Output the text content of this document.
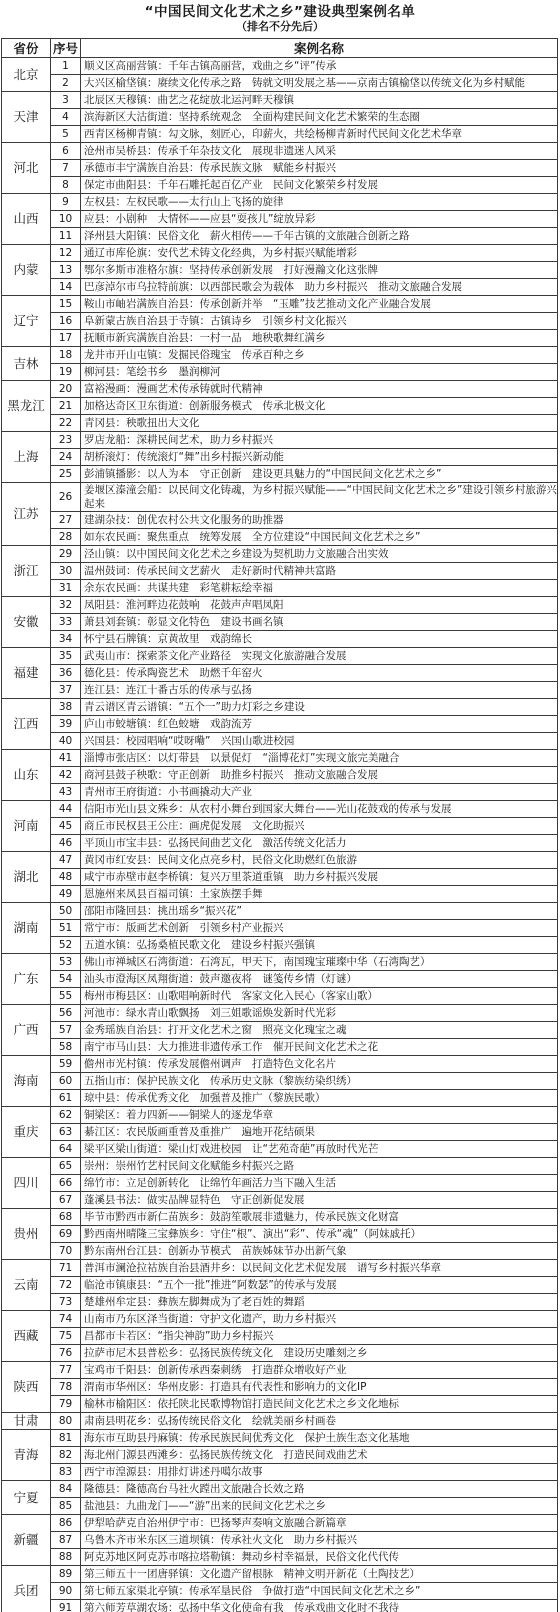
“中国民间文化艺术之乡”建设典型案例名单
（排名不分先后）
省份	序号	案例名称
北京	1	顺义区高丽营镇：千年古镇高丽营，戏曲之乡“评”传承
	2	大兴区榆垡镇：赓续文化传承之路　铸就文明发展之基——京南古镇榆垡以传统文化为乡村赋能
天津	3	北辰区天穆镇：曲艺之花绽放北运河畔天穆镇
	4	滨海新区大沽街道：坚持系统观念　全面构建民间文化艺术繁荣的生态圈
	5	西青区杨柳青镇：勾文脉，刻匠心，印薪火，共绘杨柳青新时代民间文化艺术华章
河北	6	沧州市吴桥县：传承千年杂技文化　展现非遗迷人风采
	7	承德市丰宁满族自治县：传承民族文脉　赋能乡村振兴
	8	保定市曲阳县：千年石雕托起百亿产业　民间文化繁荣乡村发展
山西	9	左权县：左权民歌——太行山上飞扬的旋律
	10	应县：小剧种　大情怀——应县“耍孩儿”绽放异彩
	11	泽州县大阳镇：民俗文化　薪火相传——千年古镇的文旅融合创新之路
内蒙	12	通辽市库伦旗：安代艺术铸文化经典，为乡村振兴赋能增彩
	13	鄂尔多斯市准格尔旗：坚持传承创新发展　打好漫瀚文化这张牌
	14	巴彦淖尔市乌拉特前旗：以西部民歌会为载体　助力乡村振兴　推动文旅融合发展
辽宁	15	鞍山市岫岩满族自治县：传承创新并举　“玉雕”技艺推动文化产业融合发展
	16	阜新蒙古族自治县于寺镇：古镇诗乡　引领乡村文化振兴
	17	抚顺市新宾满族自治县：一村一品　地秧歌舞红满乡
吉林	18	龙井市开山屯镇：发掘民俗瑰宝　传承百种之乡
	19	柳河县：笔绘书乡　墨润柳河
黑龙江	20	富裕漫画：漫画艺术传承铸就时代精神
	21	加格达奇区卫东街道：创新服务模式　传承北极文化
	22	青冈县：秧歌扭出大文化
上海	23	罗店龙船：深耕民间艺术，助力乡村振兴
	24	胡桥滚灯：传统滚灯“舞”出乡村振兴新动能
	25	彭浦镇播影：以人为本　守正创新　建设更具魅力的“中国民间文化艺术之乡”
江苏	26	姜堰区溱潼会船：以民间文化铸魂，为乡村振兴赋能——“中国民间文化艺术之乡”建设引领乡村旅游兴起来
	27	建湖杂技：创优农村公共文化服务的助推器
	28	如东农民画：聚焦重点　统筹发展　全方位建设“中国民间文化艺术之乡”
浙江	29	泾山镇：以中国民间文化艺术之乡建设为契机助力文旅融合出实效
	30	温州鼓词：传承民间文艺薪火　走好新时代精神共富路
	31	余东农民画：共谋共建　彩笔耕耘绘幸福
安徽	32	凤阳县：淮河畔边花鼓响　花鼓声声唱凤阳
	33	萧县刘套镇：彰显文化特色　建设书画名镇
	34	怀宁县石牌镇：京黄故里　戏韵绵长
福建	35	武夷山市：探索茶文化产业路径　实现文化旅游融合发展
	36	德化县：传承陶瓷艺术　助燃千年窑火
	37	连江县：连江十番古乐的传承与弘扬
江西	38	青云谱区青云谱镇：“五个一”助力灯彩之乡建设
	39	庐山市蛟塘镇：红色蛟塘　戏韵流芳
	40	兴国县：校园唱响“哎呀嘞”　兴国山歌进校园
山东	41	淄博市张店区：以灯带县　以景促灯　“淄博花灯”实现文旅完美融合
	42	商河县鼓子秧歌：守正创新　助推乡村振兴　推动文旅融合发展
	43	青州市王府街道：小书画撬动大产业
河南	44	信阳市光山县文殊乡：从农村小舞台到国家大舞台——光山花鼓戏的传承与发展
	45	商丘市民权县王公庄：画虎促发展　文化助振兴
	46	平顶山市宝丰县：弘扬民间曲艺文化　激活传统文化活力
湖北	47	黄冈市红安县：民间文化点亮乡村，民俗文化助燃红色旅游
	48	咸宁市赤壁市赵李桥镇：复兴万里茶道重镇　助力乡村振兴发展
	49	恩施州来凤县百福司镇：土家族摆手舞
湖南	50	邵阳市隆回县：挑出瑶乡“振兴花”
	51	常宁市：版画艺术创新　引领乡村产业振兴
	52	五道水镇：弘扬桑植民歌文化　建设乡村振兴强镇
广东	53	佛山市禅城区石湾街道：石湾瓦，甲天下，南国瑰宝璀璨中华（石湾陶艺）
	54	汕头市澄海区凤翔街道：鼓声邀夜将　谜笺传乡情（灯谜）
	55	梅州市梅县区：山歌唱响新时代　客家文化入民心（客家山歌）
广西	56	河池市：绿水青山歌飘扬　刘三姐歌谣焕发新时代光彩
	57	金秀瑶族自治县：打开文化艺术之窗　照亮文化瑰宝之魂
	58	南宁市马山县：大力推进非遗传承工作　催开民间文化艺术之花
海南	59	儋州市光村镇：传承发展儋州调声　打造特色文化名片
	60	五指山市：保护民族文化　传承历史文脉（黎族纺染织绣）
	61	琼中县：传承优秀文化　加强普及推广（黎族民歌）
重庆	62	铜梁区：着力四新——铜梁人的逐龙华章
	63	綦江区：农民版画重普及重推广　遍地开花结硕果
	64	梁平区梁山街道：梁山灯戏进校园　让“艺苑奇葩”再放时代光芒
四川	65	崇州：崇州竹艺村民间文化赋能乡村振兴之路
	66	绵竹市：立足创新转化　让绵竹年画活力当下融入生活
	67	蓬溪县书法：做实品牌显特色　守正创新促发展
贵州	68	毕节市黔西市新仁苗族乡：鼓韵笙歌展非遗魅力，传承民族文化财富
	69	黔西南州晴隆三宝彝族乡：守住“根”、演出“彩”、传承“魂”（阿妹戚托）
	70	黔东南州台江县：创新办节模式　苗族姊妹节办出新气象
云南	71	普洱市澜沧拉祜族自治县酒井乡：以民间文化艺术促发展　谱写乡村振兴华章
	72	临沧市镇康县：“五个一批”推进“阿数瑟”的传承与发展
	73	楚雄州牟定县：彝族左脚舞成为了老百姓的舞蹈
西藏	74	山南市乃东区泽当街道：守护文化遗产，助力乡村振兴
	75	昌都市卡若区：“指尖神韵”助力乡村振兴
	76	拉萨市尼木县普松乡：弘扬民族传统文化　建设历史雕刻之乡
陕西	77	宝鸡市千阳县：创新传承西秦刺绣　打造群众增收好产业
	78	渭南市华州区：华州皮影：打造具有代表性和影响力的文化IP
	79	榆林市榆阳区：依托陕北民歌博物馆打造民间文化艺术之乡文化地标
甘肃	80	肃南县明花乡：弘扬传统民俗文化　绘就美丽乡村画卷
青海	81	海东市互助县丹麻镇：传承民族民间优秀文化　保护土族生态文化基地
	82	海北州门源县西滩乡：弘扬民族传统文化　打造民间戏曲艺术
	83	西宁市湟源县：用排灯讲述丹噶尔故事
宁夏	84	隆德县：隆德高台马社火蹚出文旅融合长效之路
	85	盐池县：九曲龙门——“游”出来的民间文化艺术之乡
新疆	86	伊犁哈萨克自治州伊宁市：巴扬琴声奏响文旅融合新篇章
	87	乌鲁木齐市米东区三道坝镇：传承社火文化　助力乡村振兴
	88	阿克苏地区阿克苏市喀拉塔勒镇：舞动乡村幸福景，民俗文化代代传
兵团	89	第三师五十一团唐驿镇：文化遗产留根脉　精神文明开新花（土陶技艺）
	90	第七师五家渠北亭镇：传承军垦民俗　争做打造“中国民间文化艺术之乡”
	91	第六师芳草湖农场：弘扬中华文化使命有我　传承戏曲文化时不我待
